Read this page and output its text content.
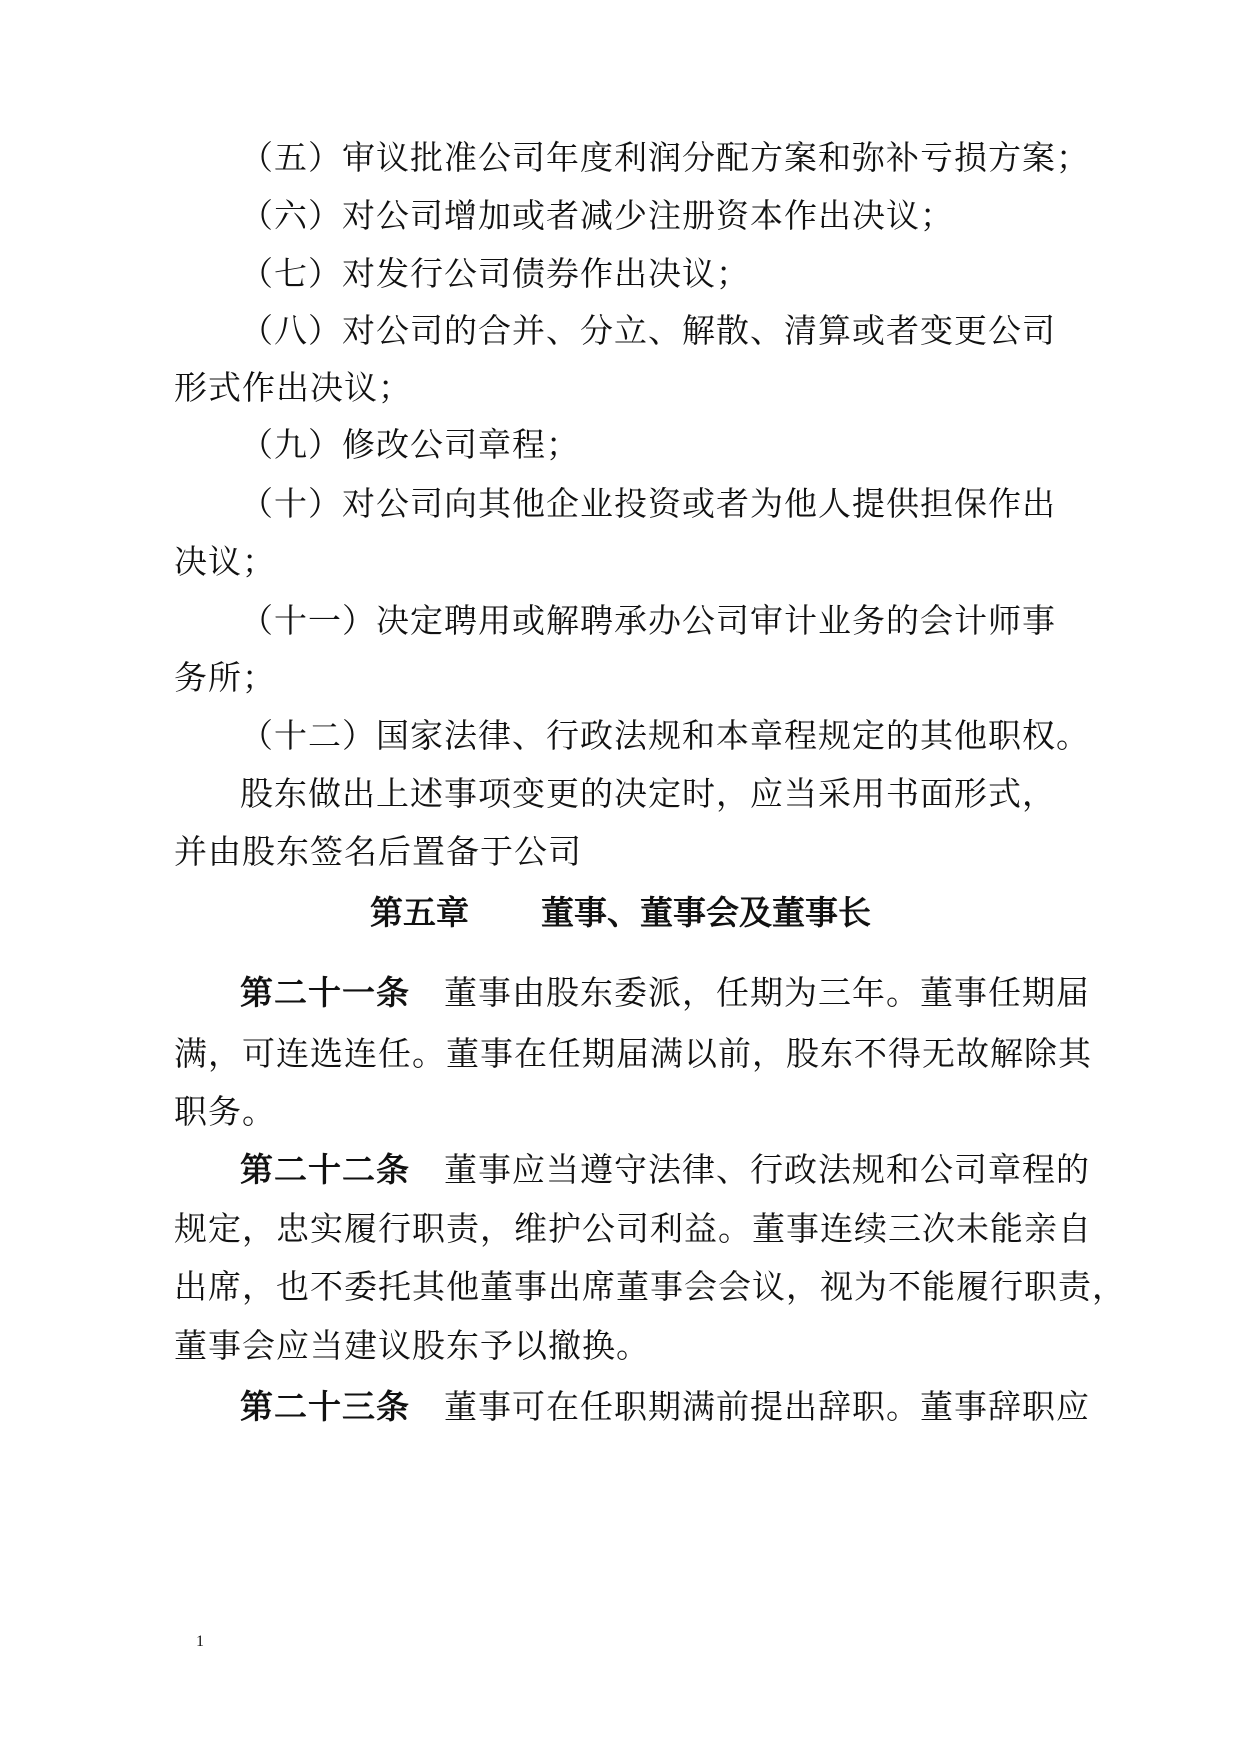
（五）审议批准公司年度利润分配方案和弥补亏损方案；
（六）对公司增加或者减少注册资本作出决议；
（七）对发行公司债券作出决议；
（八）对公司的合并、分立、解散、清算或者变更公司
形式作出决议；
（九）修改公司章程；
（十）对公司向其他企业投资或者为他人提供担保作出
决议；
（十一）决定聘用或解聘承办公司审计业务的会计师事
务所；
（十二）国家法律、行政法规和本章程规定的其他职权。
股东做出上述事项变更的决定时，应当采用书面形式，
并由股东签名后置备于公司
第五章 董事、董事会及董事长
第二十一条 董事由股东委派，任期为三年。董事任期届
满，可连选连任。董事在任期届满以前，股东不得无故解除其
职务。
第二十二条 董事应当遵守法律、行政法规和公司章程的
规定，忠实履行职责，维护公司利益。董事连续三次未能亲自
出席，也不委托其他董事出席董事会会议，视为不能履行职责，
董事会应当建议股东予以撤换。
第二十三条 董事可在任职期满前提出辞职。董事辞职应
1
